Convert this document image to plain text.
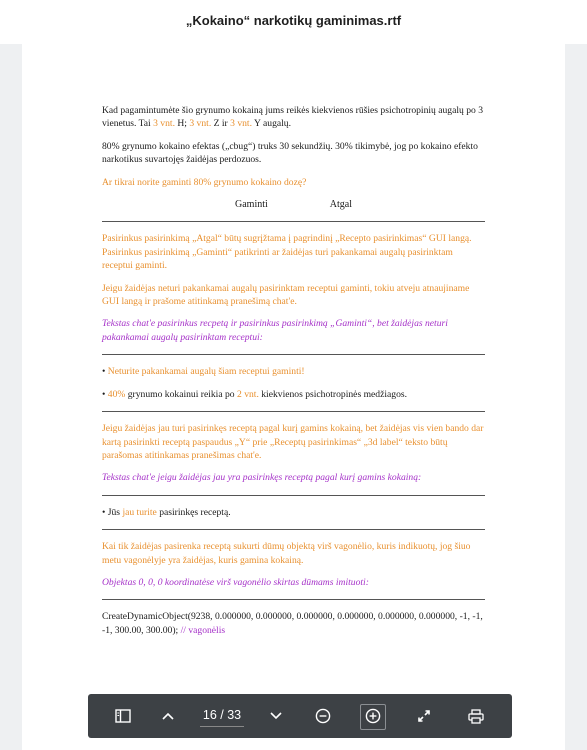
„Kokaino“ narkotikų gaminimas.rtf

Kad pagamintumėte šio grynumo kokainą jums reikės kiekvienos rūšies psichotropinių augalų po 3 vienetus. Tai 3 vnt. H; 3 vnt. Z ir 3 vnt. Y augalų.

80% grynumo kokaino efektas („cbug“) truks 30 sekundžių. 30% tikimybė, jog po kokaino efekto narkotikus suvartojęs žaidėjas perdozuos.

Ar tikrai norite gaminti 80% grynumo kokaino dozę?

Gaminti	Atgal

Pasirinkus pasirinkimą „Atgal“ būtų sugrįžtama į pagrindinį „Recepto pasirinkimas“ GUI langą. Pasirinkus pasirinkimą „Gaminti“ patikrinti ar žaidėjas turi pakankamai augalų pasirinktam receptui gaminti.

Jeigu žaidėjas neturi pakankamai augalų pasirinktam receptui gaminti, tokiu atveju atnaujiname GUI langą ir prašome atitinkamą pranešimą chat'e.

Tekstas chat'e pasirinkus recpetą ir pasirinkus pasirinkimą „Gaminti“, bet žaidėjas neturi pakankamai augalų pasirinktam receptui:

• Neturite pakankamai augalų šiam receptui gaminti!

• 40% grynumo kokainui reikia po 2 vnt. kiekvienos psichotropinės medžiagos.

Jeigu žaidėjas jau turi pasirinkęs receptą pagal kurį gamins kokainą, bet žaidėjas vis vien bando dar kartą pasirinkti receptą paspaudus „Y“ prie „Receptų pasirinkimas“ „3d label“ teksto būtų parašomas atitinkamas pranešimas chat'e.

Tekstas chat'e jeigu žaidėjas jau yra pasirinkęs receptą pagal kurį gamins kokainą:

• Jūs jau turite pasirinkęs receptą.

Kai tik žaidėjas pasirenka receptą sukurti dūmų objektą virš vagonėlio, kuris indikuotų, jog šiuo metu vagonėlyje yra žaidėjas, kuris gamina kokainą.

Objektas 0, 0, 0 koordinatėse virš vagonėlio skirtas dūmams imituoti:

CreateDynamicObject(9238, 0.000000, 0.000000, 0.000000, 0.000000, 0.000000, 0.000000, -1, -1, -1, 300.00, 300.00); // vagonėlis

16 / 33
